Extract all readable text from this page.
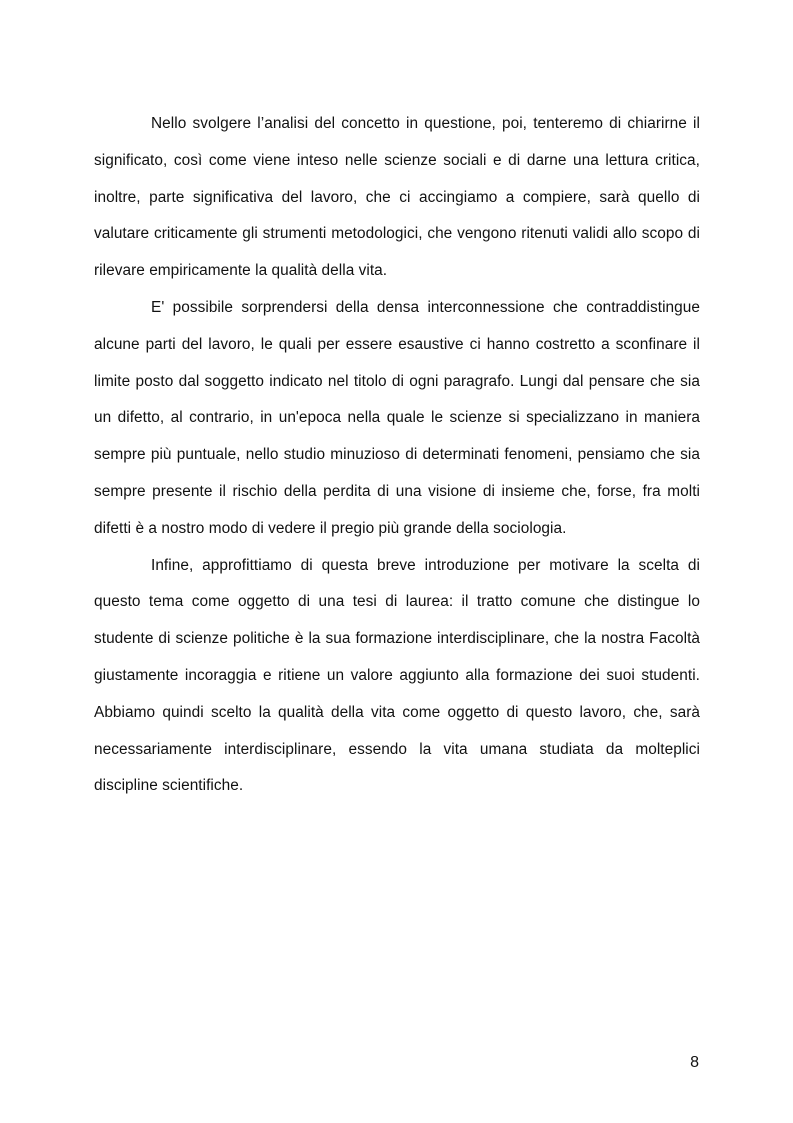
Nello svolgere l’analisi del concetto in questione, poi, tenteremo di chiarirne il significato, così come viene inteso nelle scienze sociali e di darne una lettura critica, inoltre, parte significativa del lavoro, che ci accingiamo a compiere, sarà quello di valutare criticamente gli strumenti metodologici, che vengono ritenuti validi allo scopo di rilevare empiricamente la qualità della vita.

E' possibile sorprendersi della densa interconnessione che contraddistingue alcune parti del lavoro, le quali per essere esaustive ci hanno costretto a sconfinare il limite posto dal soggetto indicato nel titolo di ogni paragrafo. Lungi dal pensare che sia un difetto, al contrario, in un'epoca nella quale le scienze si specializzano in maniera sempre più puntuale, nello studio minuzioso di determinati fenomeni, pensiamo che sia sempre presente il rischio della perdita di una visione di insieme che, forse, fra molti difetti è a nostro modo di vedere il pregio più grande della sociologia.

Infine, approfittiamo di questa breve introduzione per motivare la scelta di questo tema come oggetto di una tesi di laurea: il tratto comune che distingue lo studente di scienze politiche è la sua formazione interdisciplinare, che la nostra Facoltà giustamente incoraggia e ritiene un valore aggiunto alla formazione dei suoi studenti. Abbiamo quindi scelto la qualità della vita come oggetto di questo lavoro, che, sarà necessariamente interdisciplinare, essendo la vita umana studiata da molteplici discipline scientifiche.

8
